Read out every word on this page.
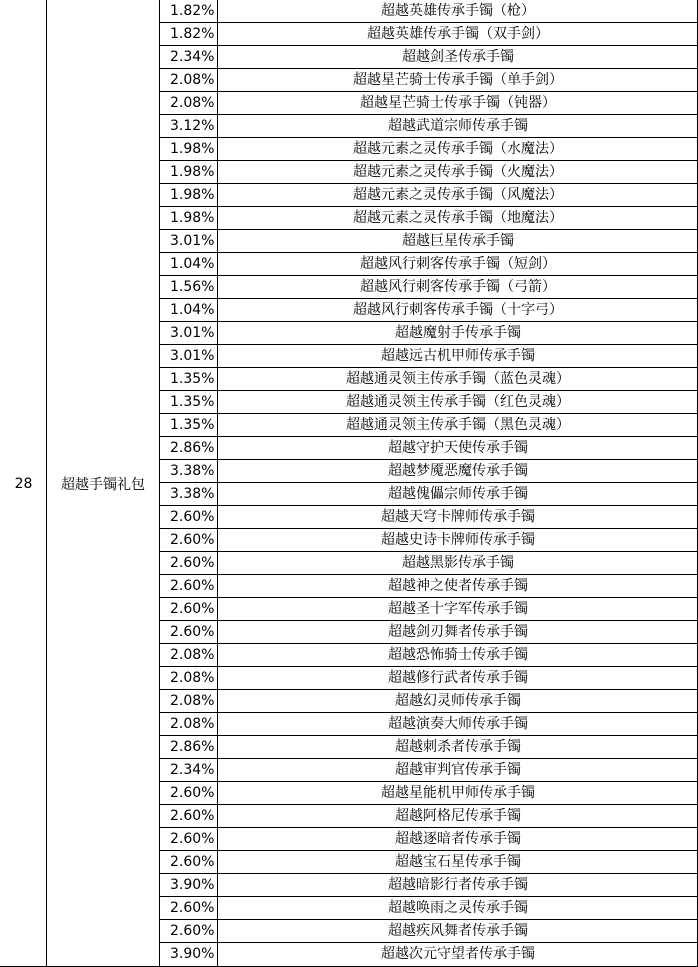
28	超越手镯礼包
1.82%	超越英雄传承手镯（枪）
1.82%	超越英雄传承手镯（双手剑）
2.34%	超越剑圣传承手镯
2.08%	超越星芒骑士传承手镯（单手剑）
2.08%	超越星芒骑士传承手镯（钝器）
3.12%	超越武道宗师传承手镯
1.98%	超越元素之灵传承手镯（水魔法）
1.98%	超越元素之灵传承手镯（火魔法）
1.98%	超越元素之灵传承手镯（风魔法）
1.98%	超越元素之灵传承手镯（地魔法）
3.01%	超越巨星传承手镯
1.04%	超越风行刺客传承手镯（短剑）
1.56%	超越风行刺客传承手镯（弓箭）
1.04%	超越风行刺客传承手镯（十字弓）
3.01%	超越魔射手传承手镯
3.01%	超越远古机甲师传承手镯
1.35%	超越通灵领主传承手镯（蓝色灵魂）
1.35%	超越通灵领主传承手镯（红色灵魂）
1.35%	超越通灵领主传承手镯（黑色灵魂）
2.86%	超越守护天使传承手镯
3.38%	超越梦魇恶魔传承手镯
3.38%	超越傀儡宗师传承手镯
2.60%	超越天穹卡牌师传承手镯
2.60%	超越史诗卡牌师传承手镯
2.60%	超越黑影传承手镯
2.60%	超越神之使者传承手镯
2.60%	超越圣十字军传承手镯
2.60%	超越剑刃舞者传承手镯
2.08%	超越恐怖骑士传承手镯
2.08%	超越修行武者传承手镯
2.08%	超越幻灵师传承手镯
2.08%	超越演奏大师传承手镯
2.86%	超越刺杀者传承手镯
2.34%	超越审判官传承手镯
2.60%	超越星能机甲师传承手镯
2.60%	超越阿格尼传承手镯
2.60%	超越逐暗者传承手镯
2.60%	超越宝石星传承手镯
3.90%	超越暗影行者传承手镯
2.60%	超越唤雨之灵传承手镯
2.60%	超越疾风舞者传承手镯
3.90%	超越次元守望者传承手镯
